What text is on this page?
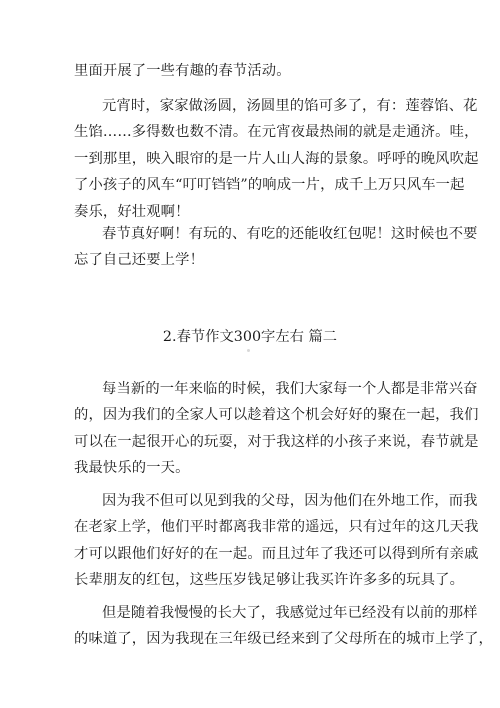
里面开展了一些有趣的春节活动。

元宵时，家家做汤圆，汤圆里的馅可多了，有：莲蓉馅、花
生馅……多得数也数不清。在元宵夜最热闹的就是走通济。哇，
一到那里，映入眼帘的是一片人山人海的景象。呼呼的晚风吹起
了小孩子的风车“叮叮铛铛”的响成一片，成千上万只风车一起
奏乐，好壮观啊！

春节真好啊！有玩的、有吃的还能收红包呢！这时候也不要
忘了自己还要上学！

2.春节作文300字左右 篇二

每当新的一年来临的时候，我们大家每一个人都是非常兴奋
的，因为我们的全家人可以趁着这个机会好好的聚在一起，我们
可以在一起很开心的玩耍，对于我这样的小孩子来说，春节就是
我最快乐的一天。

因为我不但可以见到我的父母，因为他们在外地工作，而我
在老家上学，他们平时都离我非常的遥远，只有过年的这几天我
才可以跟他们好好的在一起。而且过年了我还可以得到所有亲戚
长辈朋友的红包，这些压岁钱足够让我买许许多多的玩具了。

但是随着我慢慢的长大了，我感觉过年已经没有以前的那样
的味道了，因为我现在三年级已经来到了父母所在的城市上学了，
